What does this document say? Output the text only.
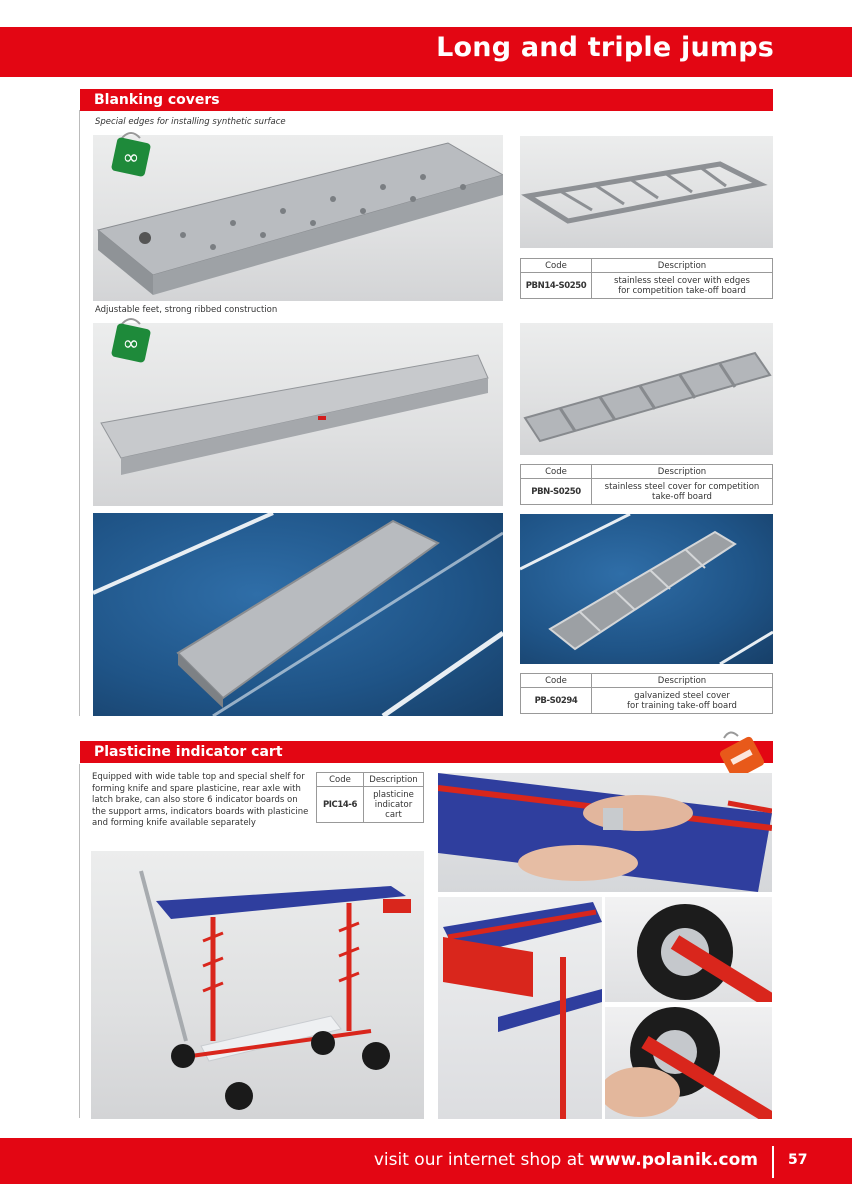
Long and triple jumps
Blanking covers
Special edges for installing synthetic surface
∞
Code	Description
PBN14-S0250	stainless steel cover with edges
for competition take-off board
Adjustable feet, strong ribbed construction
∞
Code	Description
PBN-S0250	stainless steel cover for competition
take-off board
Code	Description
PB-S0294	galvanized steel cover
for training take-off board
Plasticine indicator cart
Equipped with wide table top and special shelf for
forming knife and spare plasticine, rear axle with
latch brake, can also store 6 indicator boards on
the support arms, indicators boards with plasticine
and forming knife available separately
Code	Description
PIC14-6	plasticine
indicator
cart
visit our internet shop at www.polanik.com 57
